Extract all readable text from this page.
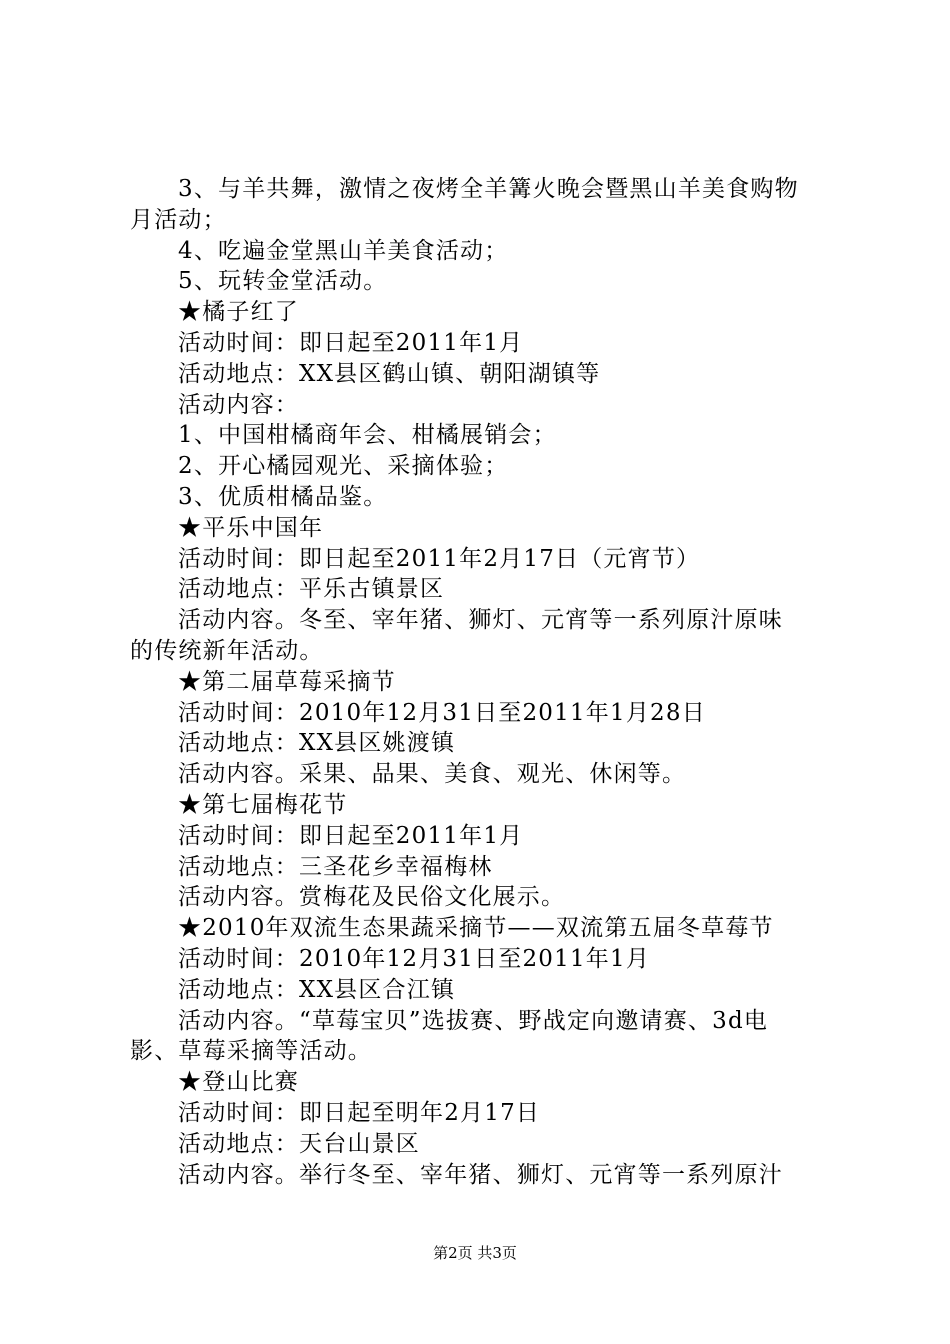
3、与羊共舞，激情之夜烤全羊篝火晚会暨黑山羊美食购物
月活动；
4、吃遍金堂黑山羊美食活动；
5、玩转金堂活动。
★橘子红了
活动时间：即日起至2011年1月
活动地点：XX县区鹤山镇、朝阳湖镇等
活动内容：
1、中国柑橘商年会、柑橘展销会；
2、开心橘园观光、采摘体验；
3、优质柑橘品鉴。
★平乐中国年
活动时间：即日起至2011年2月17日（元宵节）
活动地点：平乐古镇景区
活动内容。冬至、宰年猪、狮灯、元宵等一系列原汁原味
的传统新年活动。
★第二届草莓采摘节
活动时间：2010年12月31日至2011年1月28日
活动地点：XX县区姚渡镇
活动内容。采果、品果、美食、观光、休闲等。
★第七届梅花节
活动时间：即日起至2011年1月
活动地点：三圣花乡幸福梅林
活动内容。赏梅花及民俗文化展示。
★2010年双流生态果蔬采摘节——双流第五届冬草莓节
活动时间：2010年12月31日至2011年1月
活动地点：XX县区合江镇
活动内容。“草莓宝贝”选拔赛、野战定向邀请赛、3d电
影、草莓采摘等活动。
★登山比赛
活动时间：即日起至明年2月17日
活动地点：天台山景区
活动内容。举行冬至、宰年猪、狮灯、元宵等一系列原汁
第2页 共3页
